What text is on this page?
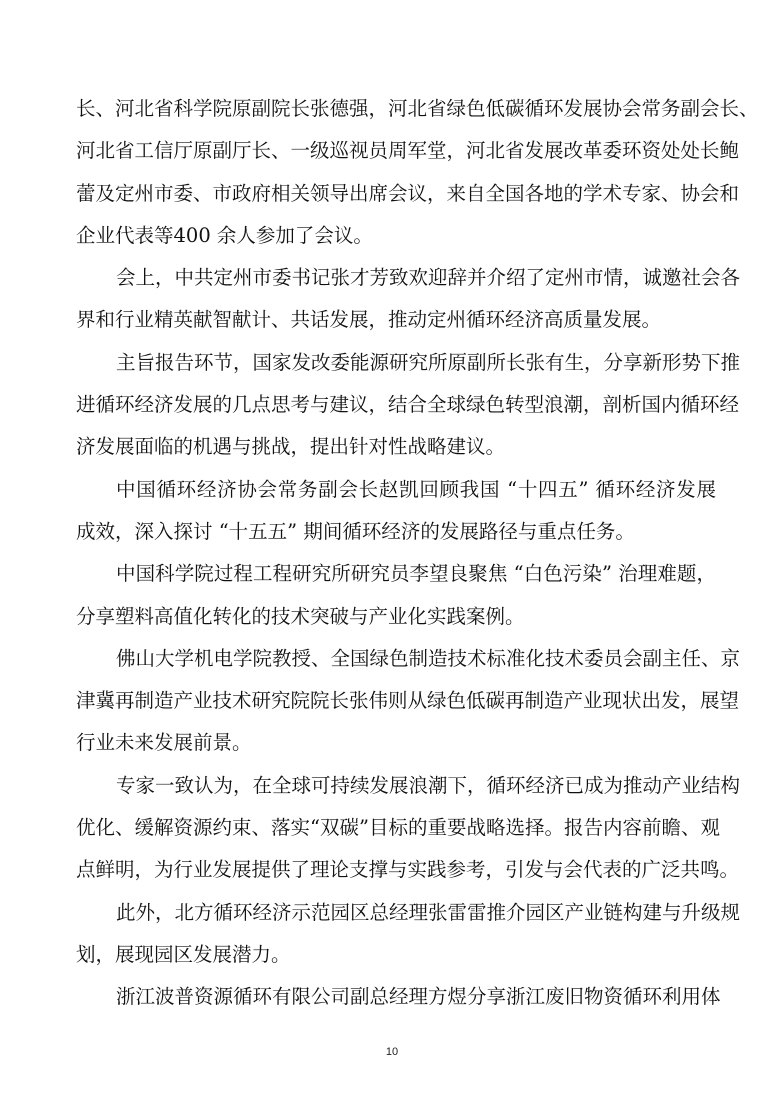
长、河北省科学院原副院长张德强，河北省绿色低碳循环发展协会常务副会长、
河北省工信厅原副厅长、一级巡视员周军堂，河北省发展改革委环资处处长鲍
蕾及定州市委、市政府相关领导出席会议，来自全国各地的学术专家、协会和
企业代表等400 余人参加了会议。
会上，中共定州市委书记张才芳致欢迎辞并介绍了定州市情，诚邀社会各
界和行业精英献智献计、共话发展，推动定州循环经济高质量发展。
主旨报告环节，国家发改委能源研究所原副所长张有生，分享新形势下推
进循环经济发展的几点思考与建议，结合全球绿色转型浪潮，剖析国内循环经
济发展面临的机遇与挑战，提出针对性战略建议。
中国循环经济协会常务副会长赵凯回顾我国 “十四五” 循环经济发展
成效，深入探讨 “十五五” 期间循环经济的发展路径与重点任务。
中国科学院过程工程研究所研究员李望良聚焦 “白色污染” 治理难题，
分享塑料高值化转化的技术突破与产业化实践案例。
佛山大学机电学院教授、全国绿色制造技术标准化技术委员会副主任、京
津冀再制造产业技术研究院院长张伟则从绿色低碳再制造产业现状出发，展望
行业未来发展前景。
专家一致认为，在全球可持续发展浪潮下，循环经济已成为推动产业结构
优化、缓解资源约束、落实“双碳”目标的重要战略选择。报告内容前瞻、观
点鲜明，为行业发展提供了理论支撑与实践参考，引发与会代表的广泛共鸣。
此外，北方循环经济示范园区总经理张雷雷推介园区产业链构建与升级规
划，展现园区发展潜力。
浙江波普资源循环有限公司副总经理方煜分享浙江废旧物资循环利用体
10
